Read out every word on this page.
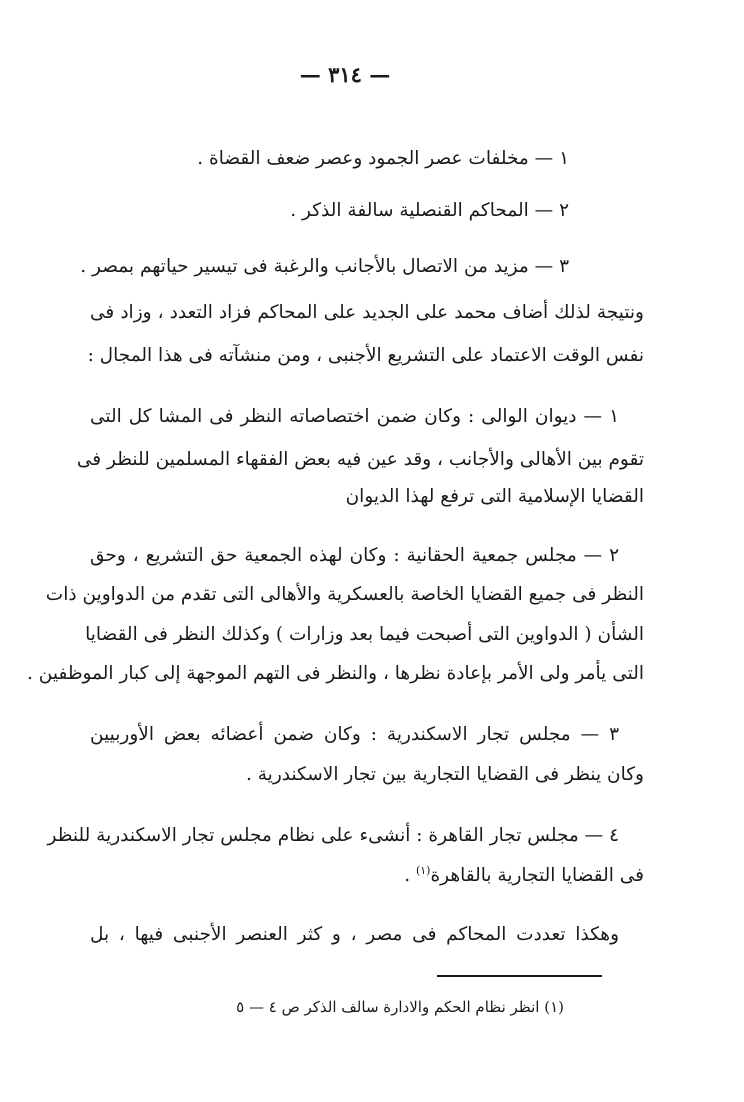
— ٣١٤ —
١ — مخلفات عصر الجمود وعصر ضعف القضاة .
٢ — المحاكم القنصلية سالفة الذكر .
٣ — مزيد من الاتصال بالأجانب والرغبة فى تيسير حياتهم بمصر .
ونتيجة لذلك أضاف محمد على الجديد على المحاكم فزاد التعدد ، وزاد فى
نفس الوقت الاعتماد على التشريع الأجنبى ، ومن منشآته فى هذا المجال :
١ — ديوان الوالى : وكان ضمن اختصاصاته النظر فى المشا كل التى
تقوم بين الأهالى والأجانب ، وقد عين فيه بعض الفقهاء المسلمين للنظر فى
القضايا الإسلامية التى ترفع لهذا الديوان
٢ — مجلس جمعية الحقانية : وكان لهذه الجمعية حق التشريع ، وحق
النظر فى جميع القضايا الخاصة بالعسكرية والأهالى التى تقدم من الدواوين ذات
الشأن ( الدواوين التى أصبحت فيما بعد وزارات ) وكذلك النظر فى القضايا
التى يأمر ولى الأمر بإعادة نظرها ، والنظر فى التهم الموجهة إلى كبار الموظفين .
٣ — مجلس تجار الاسكندرية : وكان ضمن أعضائه بعض الأوربيين
وكان ينظر فى القضايا التجارية بين تجار الاسكندرية .
٤ — مجلس تجار القاهرة : أنشىء على نظام مجلس تجار الاسكندرية للنظر
فى القضايا التجارية بالقاهرة$^{(١)}$ .
وهكذا تعددت المحاكم فى مصر ، و كثر العنصر الأجنبى فيها ، بل
(١) انظر نظام الحكم والادارة سالف الذكر ص ٤ — ٥
